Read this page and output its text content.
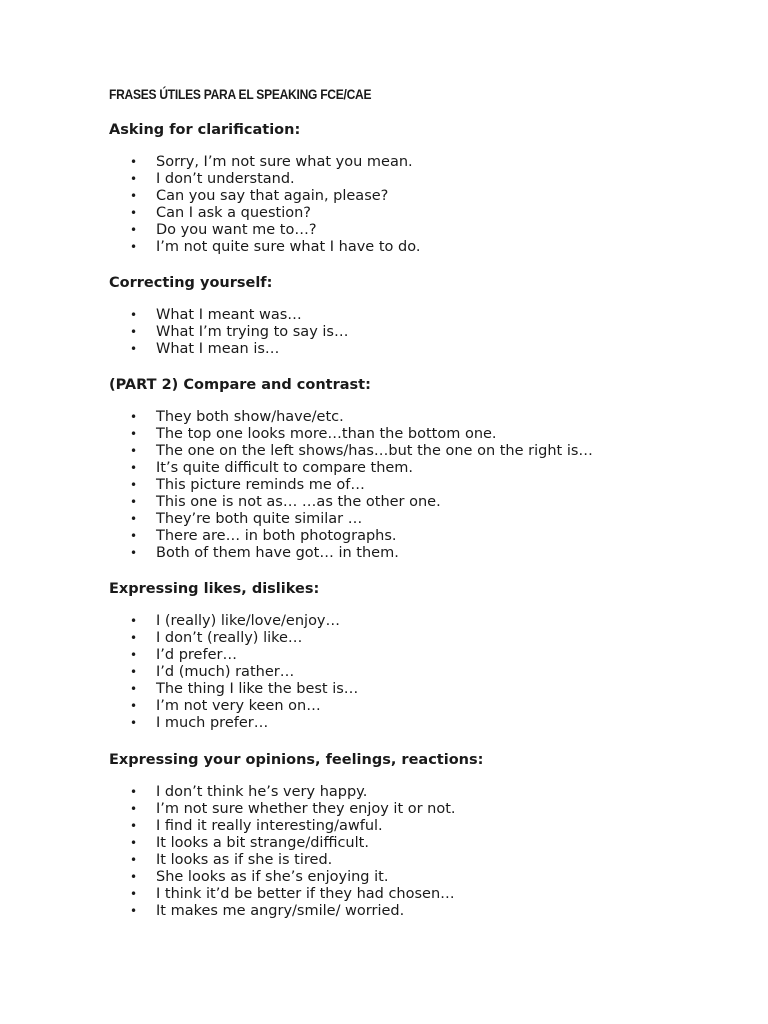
FRASES ÚTILES PARA EL SPEAKING FCE/CAE
Asking for clarification:
• Sorry, I’m not sure what you mean.
• I don’t understand.
• Can you say that again, please?
• Can I ask a question?
• Do you want me to…?
• I’m not quite sure what I have to do.
Correcting yourself:
• What I meant was…
• What I’m trying to say is…
• What I mean is…
(PART 2) Compare and contrast:
• They both show/have/etc.
• The top one looks more…than the bottom one.
• The one on the left shows/has…but the one on the right is…
• It’s quite difficult to compare them.
• This picture reminds me of…
• This one is not as… …as the other one.
• They’re both quite similar …
• There are… in both photographs.
• Both of them have got… in them.
Expressing likes, dislikes:
• I (really) like/love/enjoy…
• I don’t (really) like…
• I’d prefer…
• I’d (much) rather…
• The thing I like the best is…
• I’m not very keen on…
• I much prefer…
Expressing your opinions, feelings, reactions:
• I don’t think he’s very happy.
• I’m not sure whether they enjoy it or not.
• I find it really interesting/awful.
• It looks a bit strange/difficult.
• It looks as if she is tired.
• She looks as if she’s enjoying it.
• I think it’d be better if they had chosen…
• It makes me angry/smile/ worried.
